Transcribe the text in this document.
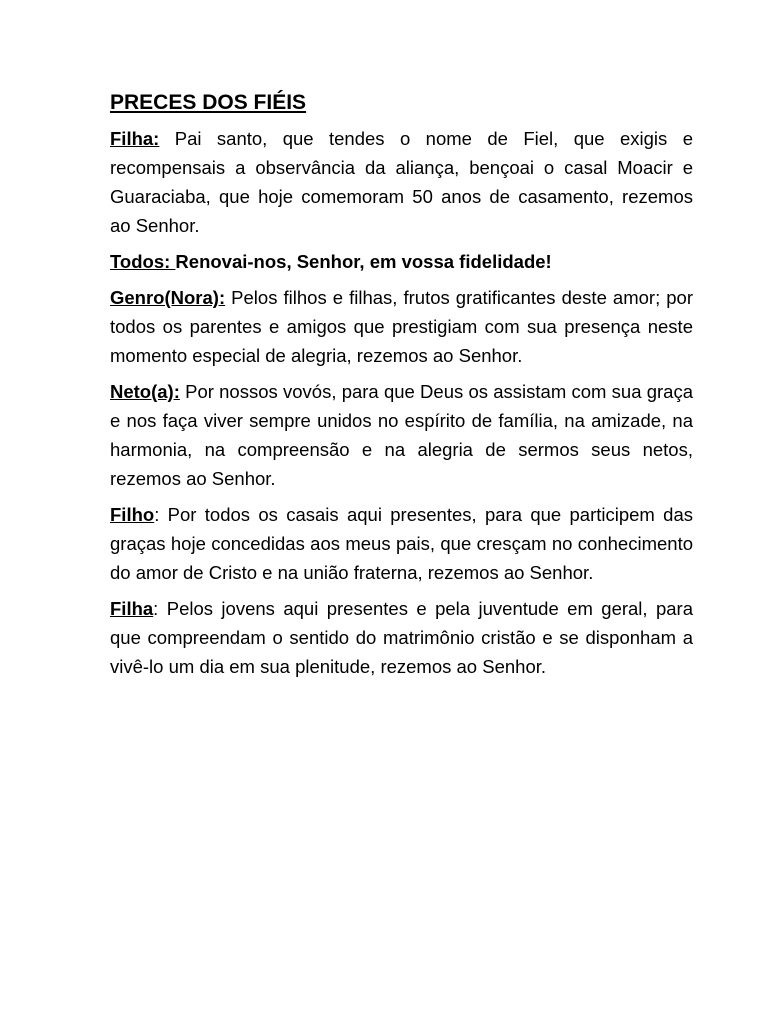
PRECES DOS FIÉIS

Filha: Pai santo, que tendes o nome de Fiel, que exigis e recompensais a observância da aliança, bençoai o casal Moacir e Guaraciaba, que hoje comemoram 50 anos de casamento, rezemos ao Senhor.

Todos: Renovai-nos, Senhor, em vossa fidelidade!

Genro(Nora): Pelos filhos e filhas, frutos gratificantes deste amor; por todos os parentes e amigos que prestigiam com sua presença neste momento especial de alegria, rezemos ao Senhor.

Neto(a): Por nossos vovós, para que Deus os assistam com sua graça e nos faça viver sempre unidos no espírito de família, na amizade, na harmonia, na compreensão e na alegria de sermos seus netos, rezemos ao Senhor.

Filho: Por todos os casais aqui presentes, para que participem das graças hoje concedidas aos meus pais, que cresçam no conhecimento do amor de Cristo e na união fraterna, rezemos ao Senhor.

Filha: Pelos jovens aqui presentes e pela juventude em geral, para que compreendam o sentido do matrimônio cristão e se disponham a vivê-lo um dia em sua plenitude, rezemos ao Senhor.
